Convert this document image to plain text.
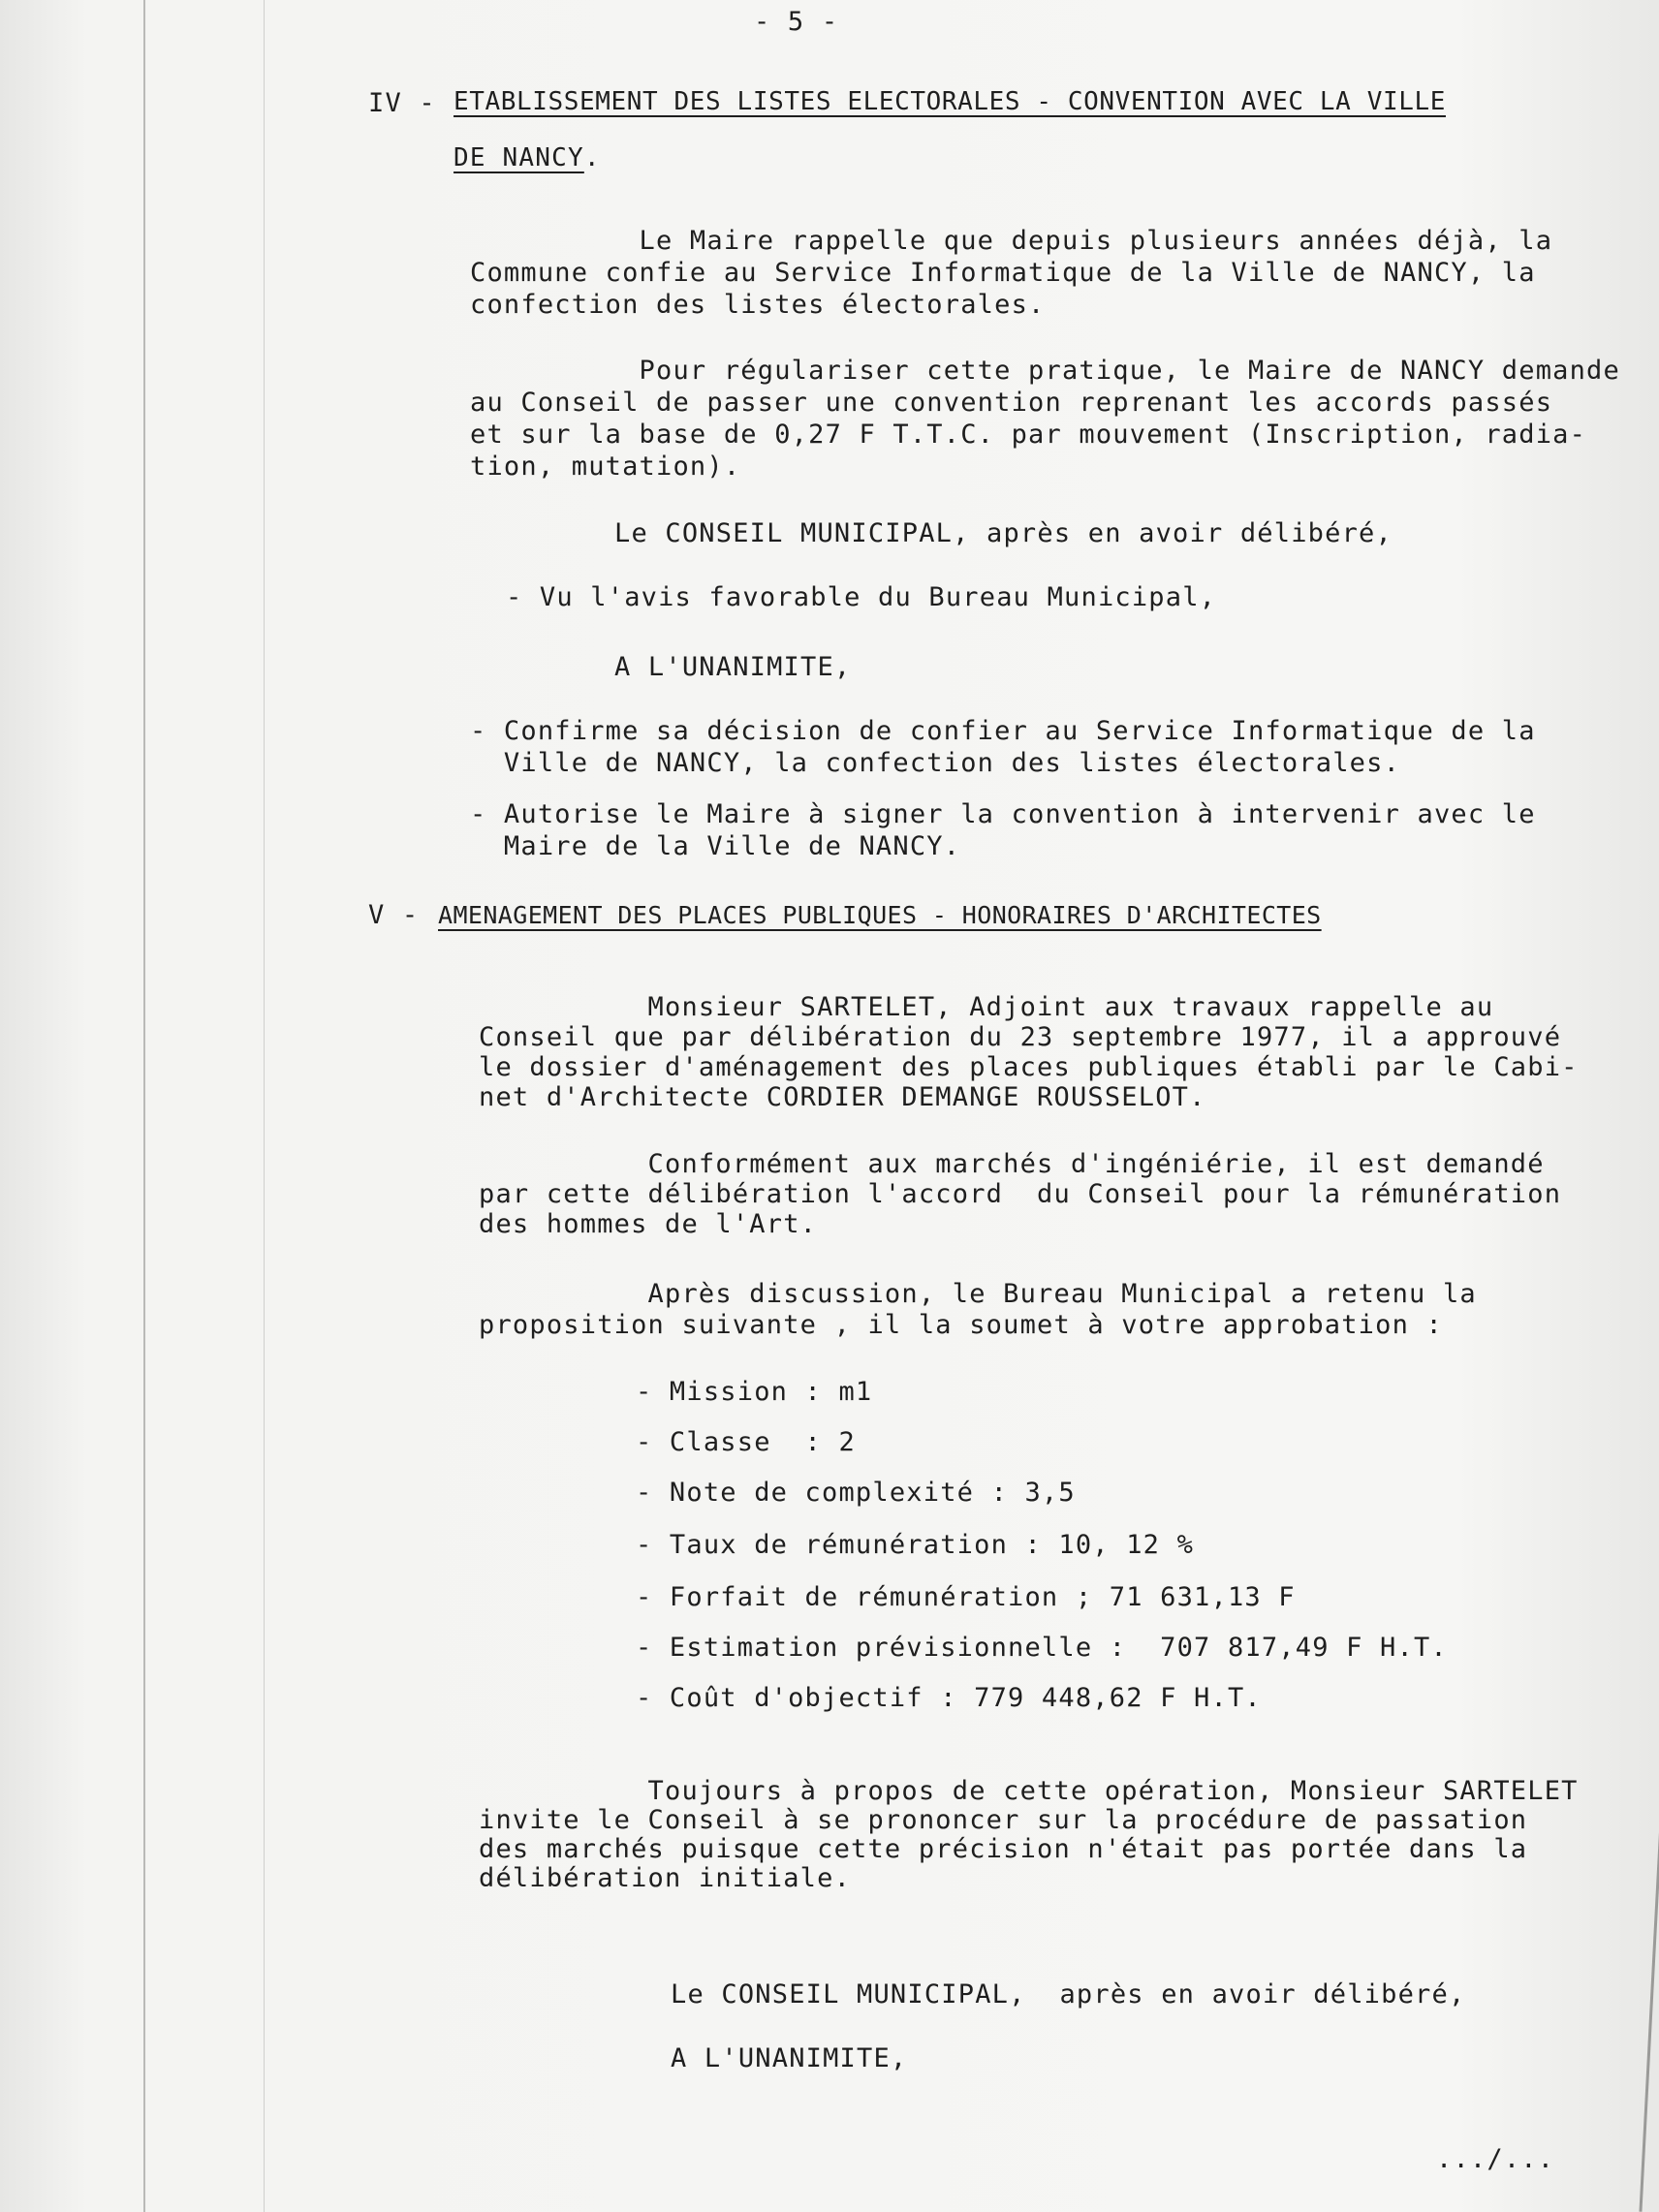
- 5 -
IV - ETABLISSEMENT DES LISTES ELECTORALES - CONVENTION AVEC LA VILLE
DE NANCY.
Le Maire rappelle que depuis plusieurs années déjà, la
Commune confie au Service Informatique de la Ville de NANCY, la
confection des listes électorales.
Pour régulariser cette pratique, le Maire de NANCY demande
au Conseil de passer une convention reprenant les accords passés
et sur la base de 0,27 F T.T.C. par mouvement (Inscription, radia-
tion, mutation).
Le CONSEIL MUNICIPAL, après en avoir délibéré,
- Vu l'avis favorable du Bureau Municipal,
A L'UNANIMITE,
- Confirme sa décision de confier au Service Informatique de la
Ville de NANCY, la confection des listes électorales.
- Autorise le Maire à signer la convention à intervenir avec le
Maire de la Ville de NANCY.
V - AMENAGEMENT DES PLACES PUBLIQUES - HONORAIRES D'ARCHITECTES
Monsieur SARTELET, Adjoint aux travaux rappelle au
Conseil que par délibération du 23 septembre 1977, il a approuvé
le dossier d'aménagement des places publiques établi par le Cabi-
net d'Architecte CORDIER DEMANGE ROUSSELOT.
Conformément aux marchés d'ingéniérie, il est demandé
par cette délibération l'accord  du Conseil pour la rémunération
des hommes de l'Art.
Après discussion, le Bureau Municipal a retenu la
proposition suivante , il la soumet à votre approbation :
- Mission : m1
- Classe  : 2
- Note de complexité : 3,5
- Taux de rémunération : 10, 12 %
- Forfait de rémunération ; 71 631,13 F
- Estimation prévisionnelle :  707 817,49 F H.T.
- Coût d'objectif : 779 448,62 F H.T.
Toujours à propos de cette opération, Monsieur SARTELET
invite le Conseil à se prononcer sur la procédure de passation
des marchés puisque cette précision n'était pas portée dans la
délibération initiale.
Le CONSEIL MUNICIPAL,  après en avoir délibéré,
A L'UNANIMITE,
.../...
